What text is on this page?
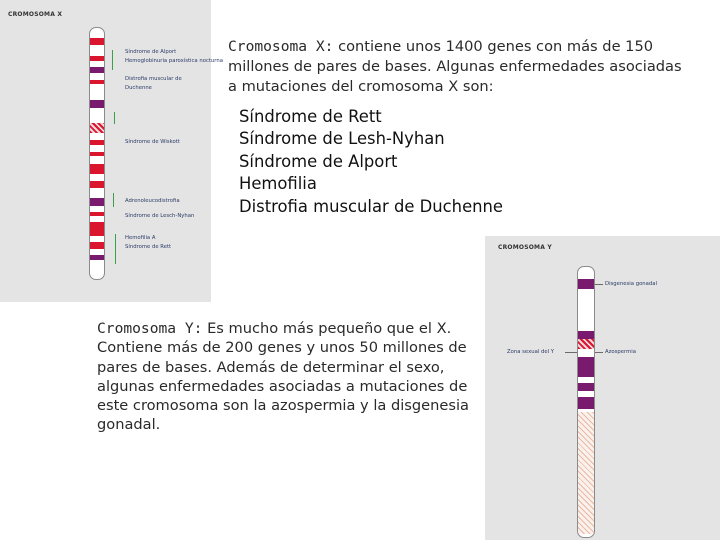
CROMOSOMA X
Síndrome de Alport
Hemoglobinuria paroxística nocturna
Distrofia muscular de
Duchenne
Síndrome de Wiskott
Adrenoleucodistrofia
Síndrome de Lesch-Nyhan
Hemofilia A
Síndrome de Rett	CROMOSOMA Y
Disgenesia gonadal
Zona sexual del Y	Azospermia
Cromosoma X: contiene unos 1400 genes con más de 150 millones de pares de bases. Algunas enfermedades asociadas a mutaciones del cromosoma X son:
Síndrome de Rett
Síndrome de Lesh-Nyhan
Síndrome de Alport
Hemofilia
Distrofia muscular de Duchenne
Cromosoma Y: Es mucho más pequeño que el X. Contiene más de 200 genes y unos 50 millones de pares de bases. Además de determinar el sexo, algunas enfermedades asociadas a mutaciones de este cromosoma son la azospermia y la disgenesia gonadal.
